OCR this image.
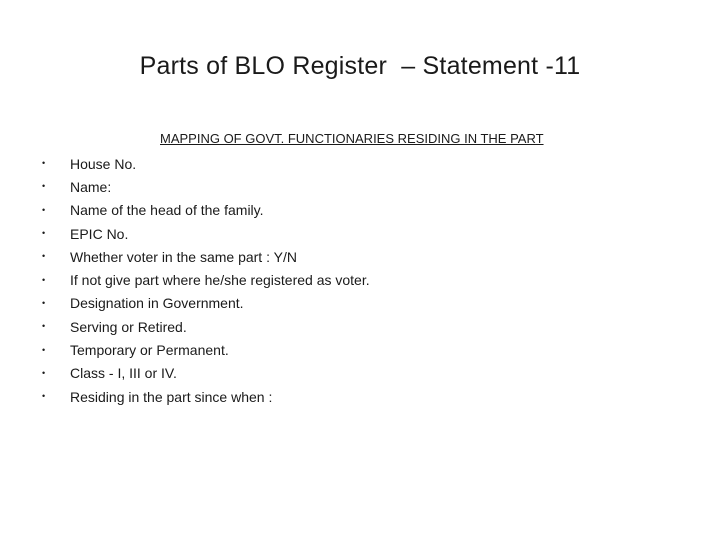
Parts of BLO Register  – Statement -11
MAPPING OF GOVT. FUNCTIONARIES RESIDING IN THE PART
•	House No.
•	Name:
•	Name of the head of the family.
•	EPIC No.
•	Whether voter in the same part : Y/N
•	If not give part where he/she registered as voter.
•	Designation in Government.
•	Serving or Retired.
•	Temporary or Permanent.
•	Class - I, III or IV.
•	Residing in the part since when :
